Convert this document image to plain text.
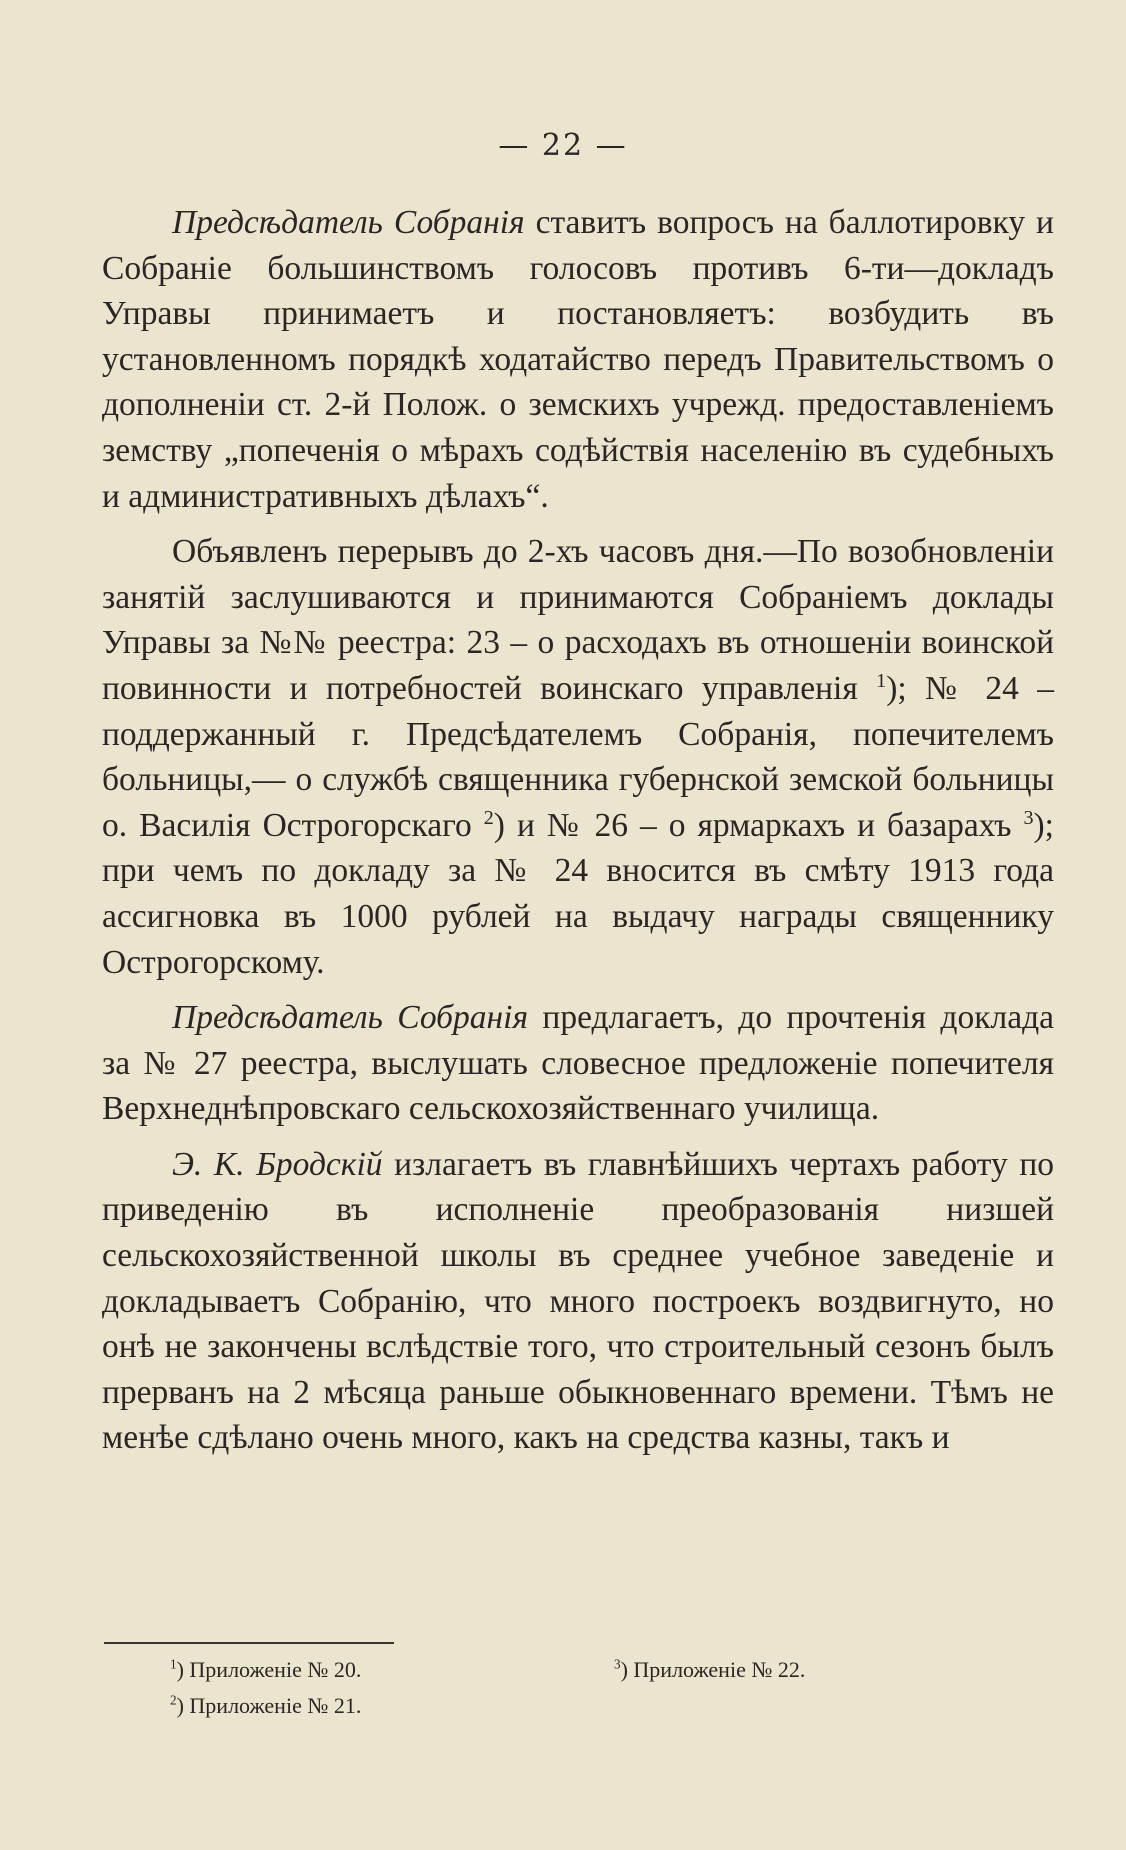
— 22 —

Предсѣдатель Собранія ставитъ вопросъ на баллотировку и Собраніе большинствомъ голосовъ противъ 6-ти—докладъ Управы принимаетъ и постановляетъ: возбудить въ установленномъ порядкѣ ходатайство передъ Правительствомъ о дополненіи ст. 2-й Полож. о земскихъ учрежд. предоставленіемъ земству „попеченія о мѣрахъ содѣйствія населенію въ судебныхъ и административныхъ дѣлахъ“.

Объявленъ перерывъ до 2-хъ часовъ дня.—По возобновленіи занятій заслушиваются и принимаются Собраніемъ доклады Управы за №№ реестра: 23 – о расходахъ въ отношеніи воинской повинности и потребностей воинскаго управленія $^1$); № 24 – поддержанный г. Предсѣдателемъ Собранія, попечителемъ больницы,— о службѣ священника губернской земской больницы о. Василія Острогорскаго $^2$) и № 26 – о ярмаркахъ и базарахъ $^3$); при чемъ по докладу за № 24 вносится въ смѣту 1913 года ассигновка въ 1000 рублей на выдачу награды священнику Острогорскому.

Предсѣдатель Собранія предлагаетъ, до прочтенія доклада за № 27 реестра, выслушать словесное предложеніе попечителя Верхнеднѣпровскаго сельскохозяйственнаго училища.

Э. К. Бродскій излагаетъ въ главнѣйшихъ чертахъ работу по приведенію въ исполненіе преобразованія низшей сельскохозяйственной школы въ среднее учебное заведеніе и докладываетъ Собранію, что много построекъ воздвигнуто, но онѣ не закончены вслѣдствіе того, что строительный сезонъ былъ прерванъ на 2 мѣсяца раньше обыкновеннаго времени. Тѣмъ не менѣе сдѣлано очень много, какъ на средства казны, такъ и

$^1$) Приложеніе № 20.
$^2$) Приложеніе № 21.
$^3$) Приложеніе № 22.
